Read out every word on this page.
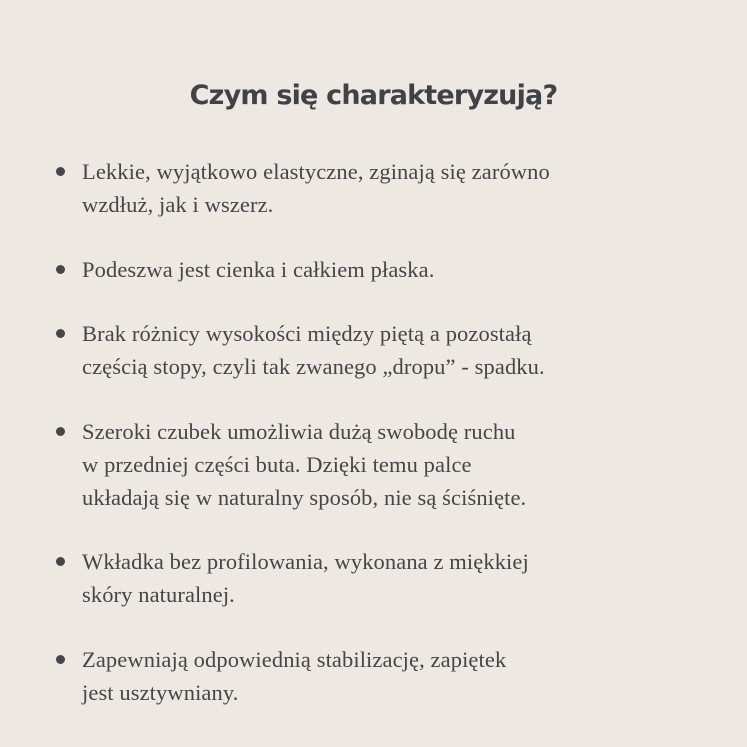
Czym się charakteryzują?
Lekkie, wyjątkowo elastyczne, zginają się zarówno
wzdłuż, jak i wszerz.
Podeszwa jest cienka i całkiem płaska.
Brak różnicy wysokości między piętą a pozostałą
częścią stopy, czyli tak zwanego „dropu” - spadku.
Szeroki czubek umożliwia dużą swobodę ruchu
w przedniej części buta. Dzięki temu palce
układają się w naturalny sposób, nie są ściśnięte.
Wkładka bez profilowania, wykonana z miękkiej
skóry naturalnej.
Zapewniają odpowiednią stabilizację, zapiętek
jest usztywniany.
